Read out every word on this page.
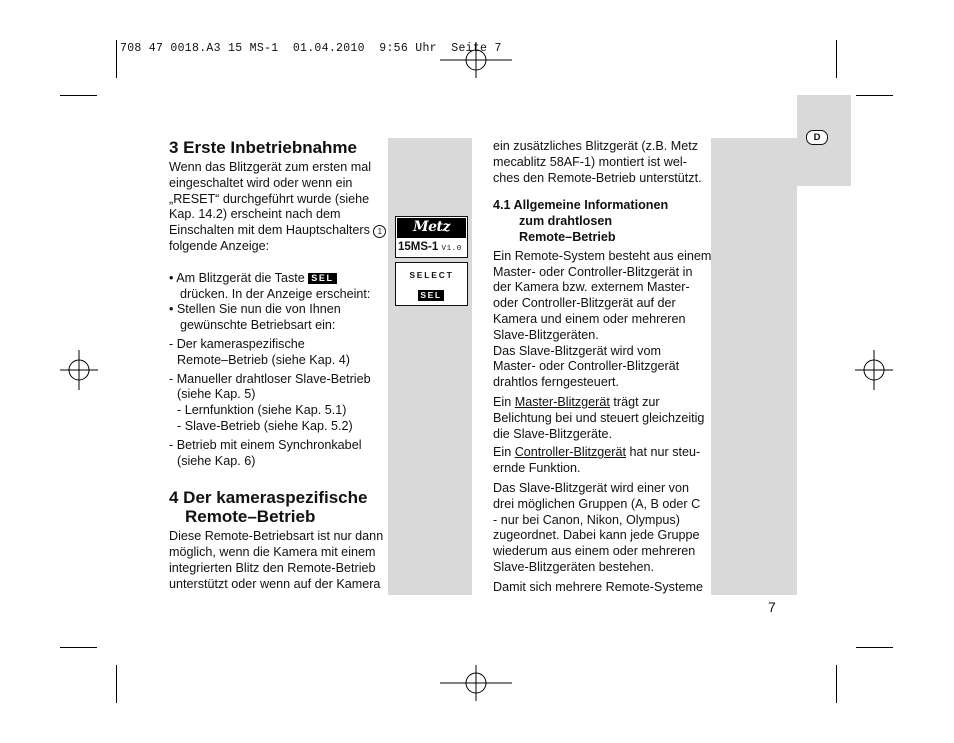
708 47 0018.A3 15 MS-1  01.04.2010  9:56 Uhr  Seite 7
D
3 Erste Inbetriebnahme
Wenn das Blitzgerät zum ersten mal
eingeschaltet wird oder wenn ein
„RESET“ durchgeführt wurde (siehe
Kap. 14.2) erscheint nach dem
Einschalten mit dem Hauptschalters 1
folgende Anzeige:
• Am Blitzgerät die Taste SEL
drücken. In der Anzeige erscheint:
• Stellen Sie nun die von Ihnen
gewünschte Betriebsart ein:
- Der kameraspezifische
Remote–Betrieb (siehe Kap. 4)
- Manueller drahtloser Slave-Betrieb
(siehe Kap. 5)
- Lernfunktion (siehe Kap. 5.1)
- Slave-Betrieb (siehe Kap. 5.2)
- Betrieb mit einem Synchronkabel
(siehe Kap. 6)
4 Der kameraspezifische
Remote–Betrieb
Diese Remote-Betriebsart ist nur dann
möglich, wenn die Kamera mit einem
integrierten Blitz den Remote-Betrieb
unterstützt oder wenn auf der Kamera
Metz
15MS-1 V1.0
SELECT
SEL
ein zusätzliches Blitzgerät (z.B. Metz
mecablitz 58AF-1) montiert ist wel-
ches den Remote-Betrieb unterstützt.
4.1 Allgemeine Informationen
zum drahtlosen
Remote–Betrieb
Ein Remote-System besteht aus einem
Master- oder Controller-Blitzgerät in
der Kamera bzw. externem Master-
oder Controller-Blitzgerät auf der
Kamera und einem oder mehreren
Slave-Blitzgeräten.
Das Slave-Blitzgerät wird vom
Master- oder Controller-Blitzgerät
drahtlos ferngesteuert.
Ein Master-Blitzgerät trägt zur
Belichtung bei und steuert gleichzeitig
die Slave-Blitzgeräte.
Ein Controller-Blitzgerät hat nur steu-
ernde Funktion.
Das Slave-Blitzgerät wird einer von
drei möglichen Gruppen (A, B oder C
- nur bei Canon, Nikon, Olympus)
zugeordnet. Dabei kann jede Gruppe
wiederum aus einem oder mehreren
Slave-Blitzgeräten bestehen.
Damit sich mehrere Remote-Systeme
7
